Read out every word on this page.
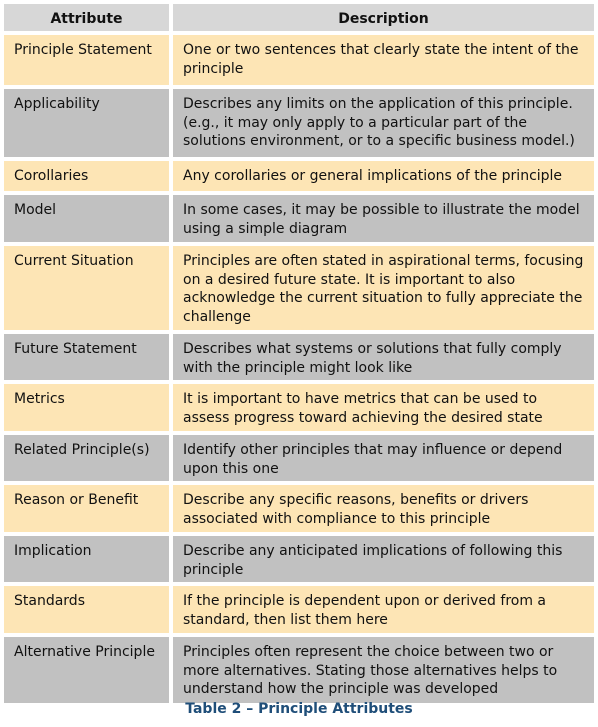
Attribute	Description
Principle Statement	One or two sentences that clearly state the intent of the principle
Applicability	Describes any limits on the application of this principle. (e.g., it may only apply to a particular part of the solutions environment, or to a specific business model.)
Corollaries	Any corollaries or general implications of the principle
Model	In some cases, it may be possible to illustrate the model using a simple diagram
Current Situation	Principles are often stated in aspirational terms, focusing on a desired future state. It is important to also acknowledge the current situation to fully appreciate the challenge
Future Statement	Describes what systems or solutions that fully comply with the principle might look like
Metrics	It is important to have metrics that can be used to assess progress toward achieving the desired state
Related Principle(s)	Identify other principles that may influence or depend upon this one
Reason or Benefit	Describe any specific reasons, benefits or drivers associated with compliance to this principle
Implication	Describe any anticipated implications of following this principle
Standards	If the principle is dependent upon or derived from a standard, then list them here
Alternative Principle	Principles often represent the choice between two or more alternatives. Stating those alternatives helps to understand how the principle was developed
Table 2 – Principle Attributes
